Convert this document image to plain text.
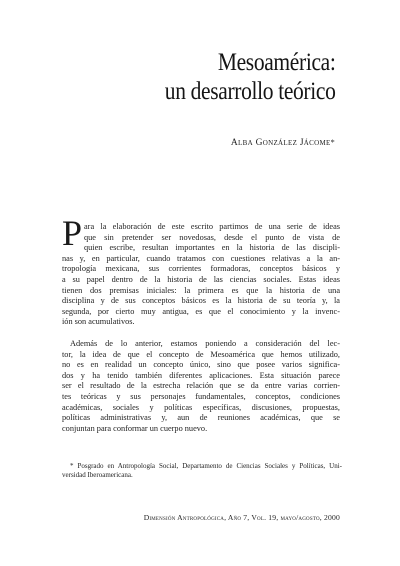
Mesoamérica:
un desarrollo teórico
Alba González Jácome*
P ara la elaboración de este escrito partimos de una serie de ideas
que sin pretender ser novedosas, desde el punto de vista de
quien escribe, resultan importantes en la historia de las discipli-
nas y, en particular, cuando tratamos con cuestiones relativas a la an-
tropología mexicana, sus corrientes formadoras, conceptos básicos y
a su papel dentro de la historia de las ciencias sociales. Estas ideas
tienen dos premisas iniciales: la primera es que la historia de una
disciplina y de sus conceptos básicos es la historia de su teoría y, la
segunda, por cierto muy antigua, es que el conocimiento y la invenc-
ión son acumulativos.
Además de lo anterior, estamos poniendo a consideración del lec-
tor, la idea de que el concepto de Mesoamérica que hemos utilizado,
no es en realidad un concepto único, sino que posee varios significa-
dos y ha tenido también diferentes aplicaciones. Esta situación parece
ser el resultado de la estrecha relación que se da entre varias corrien-
tes teóricas y sus personajes fundamentales, conceptos, condiciones
académicas, sociales y políticas específicas, discusiones, propuestas,
políticas administrativas y, aun de reuniones académicas, que se
conjuntan para conformar un cuerpo nuevo.
* Posgrado en Antropología Social, Departamento de Ciencias Sociales y Políticas, Uni-
versidad Iberoamericana.
Dimensión Antropológica, Año 7, Vol. 19, mayo/agosto, 2000
